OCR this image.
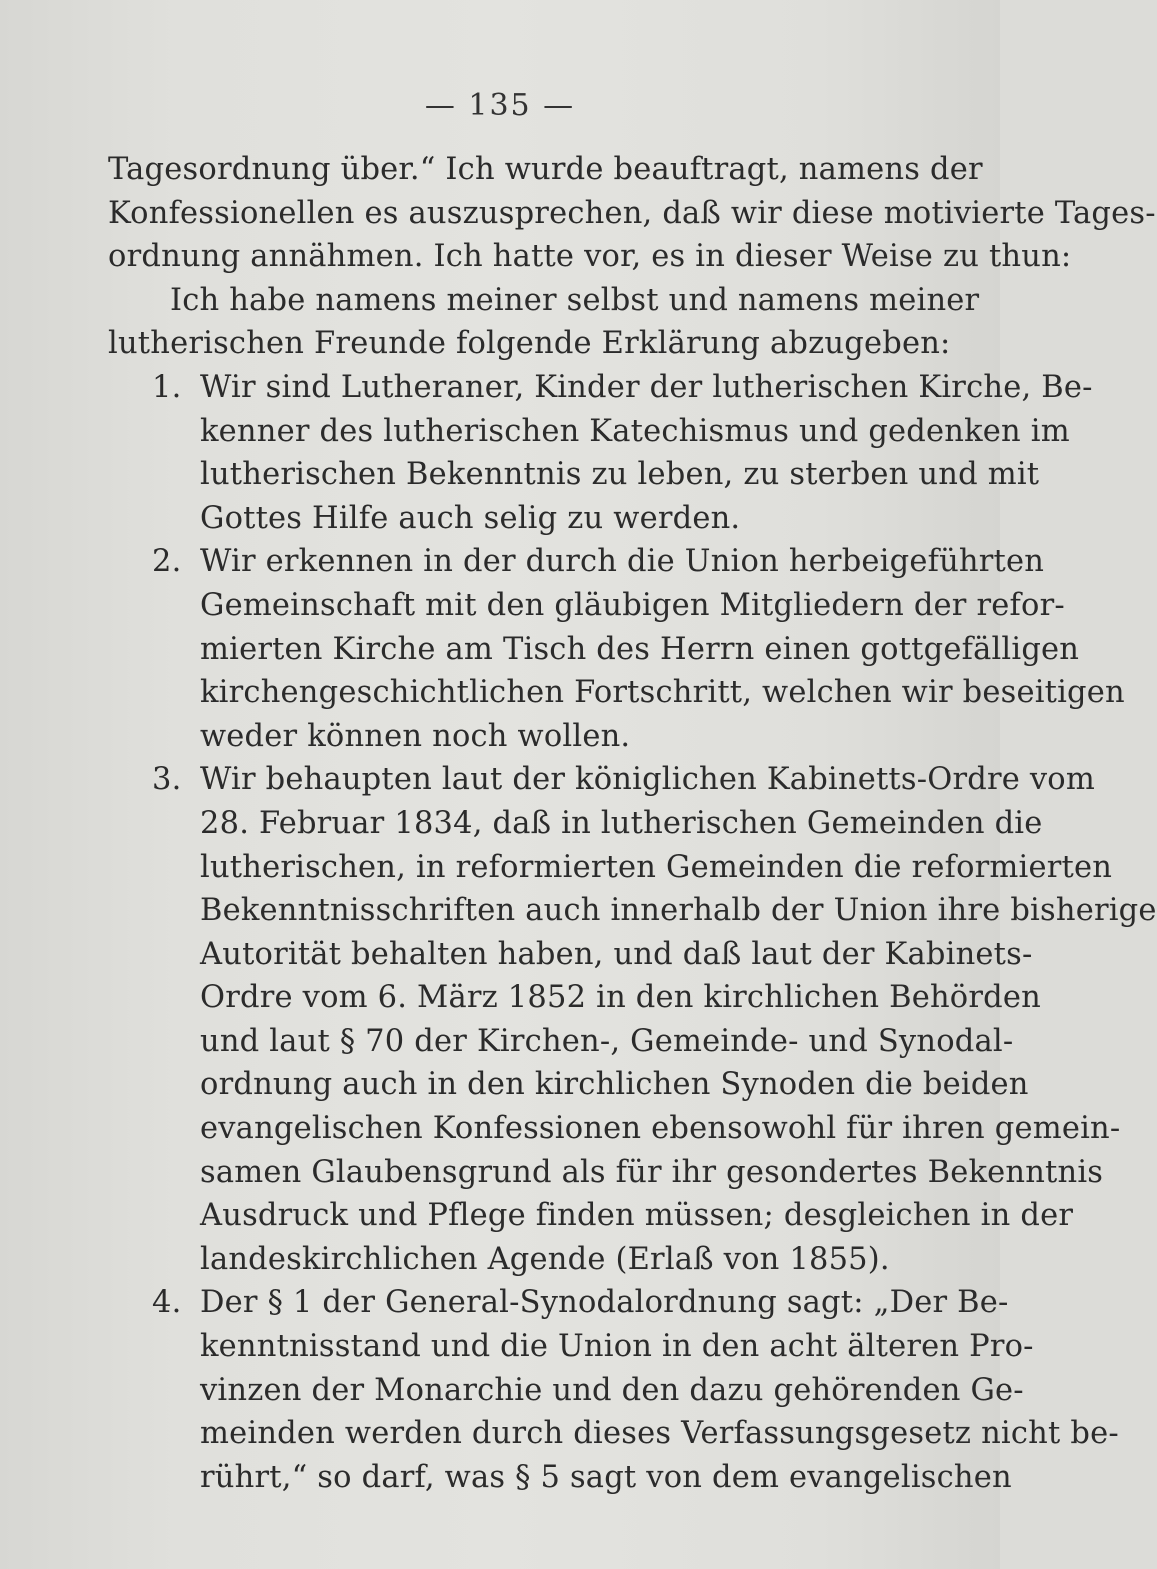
— 135 —
Tagesordnung über.“ Ich wurde beauftragt, namens der
Konfessionellen es auszusprechen, daß wir diese motivierte Tages-
ordnung annähmen. Ich hatte vor, es in dieser Weise zu thun:
Ich habe namens meiner selbst und namens meiner
lutherischen Freunde folgende Erklärung abzugeben:
1. Wir sind Lutheraner, Kinder der lutherischen Kirche, Be-
kenner des lutherischen Katechismus und gedenken im
lutherischen Bekenntnis zu leben, zu sterben und mit
Gottes Hilfe auch selig zu werden.
2. Wir erkennen in der durch die Union herbeigeführten
Gemeinschaft mit den gläubigen Mitgliedern der refor-
mierten Kirche am Tisch des Herrn einen gottgefälligen
kirchengeschichtlichen Fortschritt, welchen wir beseitigen
weder können noch wollen.
3. Wir behaupten laut der königlichen Kabinetts-Ordre vom
28. Februar 1834, daß in lutherischen Gemeinden die
lutherischen, in reformierten Gemeinden die reformierten
Bekenntnisschriften auch innerhalb der Union ihre bisherige
Autorität behalten haben, und daß laut der Kabinets-
Ordre vom 6. März 1852 in den kirchlichen Behörden
und laut § 70 der Kirchen-, Gemeinde- und Synodal-
ordnung auch in den kirchlichen Synoden die beiden
evangelischen Konfessionen ebensowohl für ihren gemein-
samen Glaubensgrund als für ihr gesondertes Bekenntnis
Ausdruck und Pflege finden müssen; desgleichen in der
landeskirchlichen Agende (Erlaß von 1855).
4. Der § 1 der General-Synodalordnung sagt: „Der Be-
kenntnisstand und die Union in den acht älteren Pro-
vinzen der Monarchie und den dazu gehörenden Ge-
meinden werden durch dieses Verfassungsgesetz nicht be-
rührt,“ so darf, was § 5 sagt von dem evangelischen
